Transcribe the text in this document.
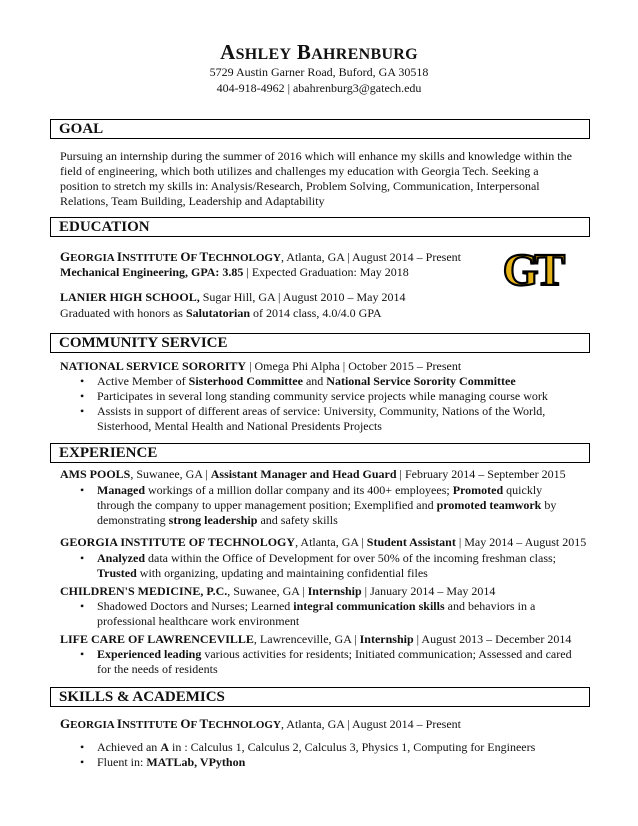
ASHLEY BAHRENBURG
5729 Austin Garner Road, Buford, GA 30518
404-918-4962 | abahrenburg3@gatech.edu
GOAL
Pursuing an internship during the summer of 2016 which will enhance my skills and knowledge within the field of engineering, which both utilizes and challenges my education with Georgia Tech. Seeking a position to stretch my skills in: Analysis/Research, Problem Solving, Communication, Interpersonal Relations, Team Building, Leadership and Adaptability
EDUCATION
GEORGIA INSTITUTE OF TECHNOLOGY, Atlanta, GA | August 2014 – Present
Mechanical Engineering, GPA: 3.85 | Expected Graduation: May 2018
LANIER HIGH SCHOOL, Sugar Hill, GA | August 2010 – May 2014
Graduated with honors as Salutatorian of 2014 class, 4.0/4.0 GPA
GT
COMMUNITY SERVICE
NATIONAL SERVICE SORORITY | Omega Phi Alpha | October 2015 – Present
• Active Member of Sisterhood Committee and National Service Sorority Committee
• Participates in several long standing community service projects while managing course work
• Assists in support of different areas of service: University, Community, Nations of the World, Sisterhood, Mental Health and National Presidents Projects
EXPERIENCE
AMS POOLS, Suwanee, GA | Assistant Manager and Head Guard | February 2014 – September 2015
• Managed workings of a million dollar company and its 400+ employees; Promoted quickly through the company to upper management position; Exemplified and promoted teamwork by demonstrating strong leadership and safety skills
GEORGIA INSTITUTE OF TECHNOLOGY, Atlanta, GA | Student Assistant | May 2014 – August 2015
• Analyzed data within the Office of Development for over 50% of the incoming freshman class; Trusted with organizing, updating and maintaining confidential files
CHILDREN'S MEDICINE, P.C., Suwanee, GA | Internship | January 2014 – May 2014
• Shadowed Doctors and Nurses; Learned integral communication skills and behaviors in a professional healthcare work environment
LIFE CARE OF LAWRENCEVILLE, Lawrenceville, GA | Internship | August 2013 – December 2014
• Experienced leading various activities for residents; Initiated communication; Assessed and cared for the needs of residents
SKILLS & ACADEMICS
GEORGIA INSTITUTE OF TECHNOLOGY, Atlanta, GA | August 2014 – Present
• Achieved an A in : Calculus 1, Calculus 2, Calculus 3, Physics 1, Computing for Engineers
• Fluent in: MATLab, VPython
